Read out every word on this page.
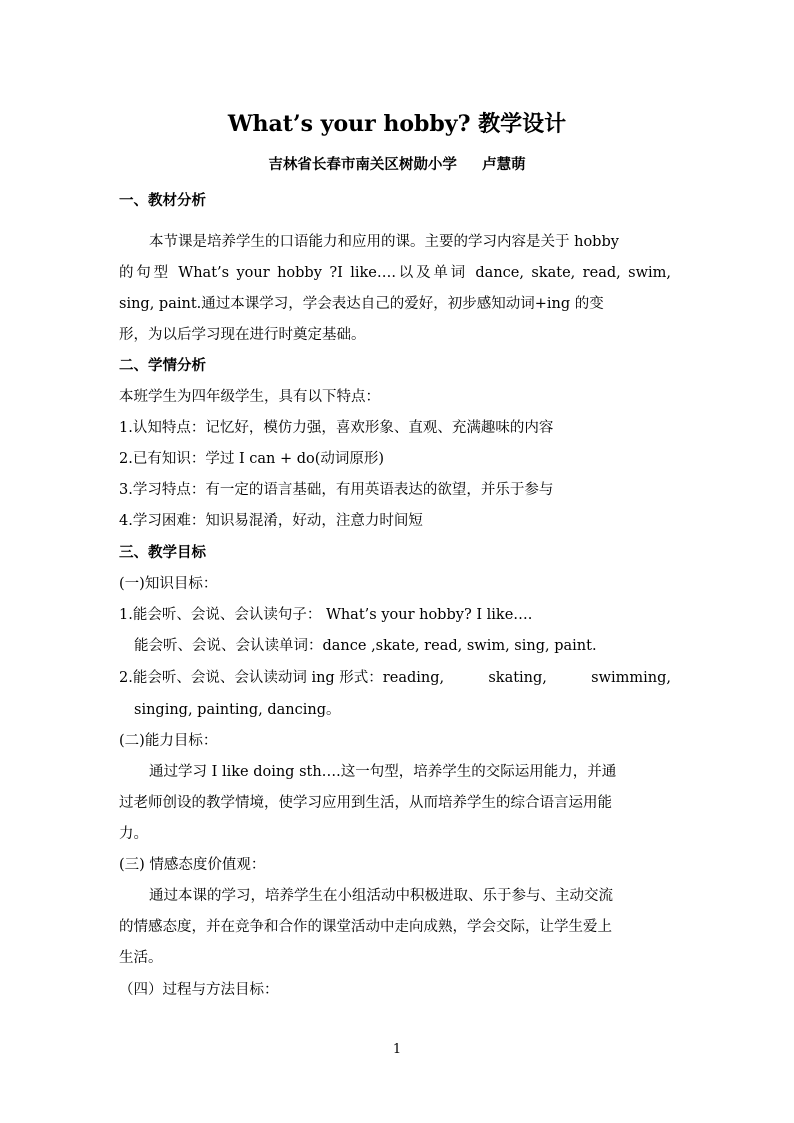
What’s your hobby? 教学设计
吉林省长春市南关区树勋小学     卢慧萌
一、教材分析
本节课是培养学生的口语能力和应用的课。主要的学习内容是关于 hobby
的句型 What’s your hobby ?I like….以及单词 dance, skate, read, swim,
sing, paint.通过本课学习，学会表达自己的爱好，初步感知动词+ing 的变
形，为以后学习现在进行时奠定基础。
二、学情分析
本班学生为四年级学生，具有以下特点：
1.认知特点：记忆好，模仿力强，喜欢形象、直观、充满趣味的内容
2.已有知识：学过 I can + do(动词原形)
3.学习特点：有一定的语言基础，有用英语表达的欲望，并乐于参与
4.学习困难：知识易混淆，好动，注意力时间短
三、教学目标
(一)知识目标：
1.能会听、会说、会认读句子： What’s your hobby? I like….
能会听、会说、会认读单词：dance ,skate, read, swim, sing, paint.
2.能会听、会说、会认读动词 ing 形式：reading,	skating,	swimming,
singing, painting, dancing。
(二)能力目标：
通过学习 I like doing sth….这一句型，培养学生的交际运用能力，并通
过老师创设的教学情境，使学习应用到生活，从而培养学生的综合语言运用能
力。
(三) 情感态度价值观：
通过本课的学习，培养学生在小组活动中积极进取、乐于参与、主动交流
的情感态度，并在竞争和合作的课堂活动中走向成熟，学会交际，让学生爱上
生活。
（四）过程与方法目标：
1
